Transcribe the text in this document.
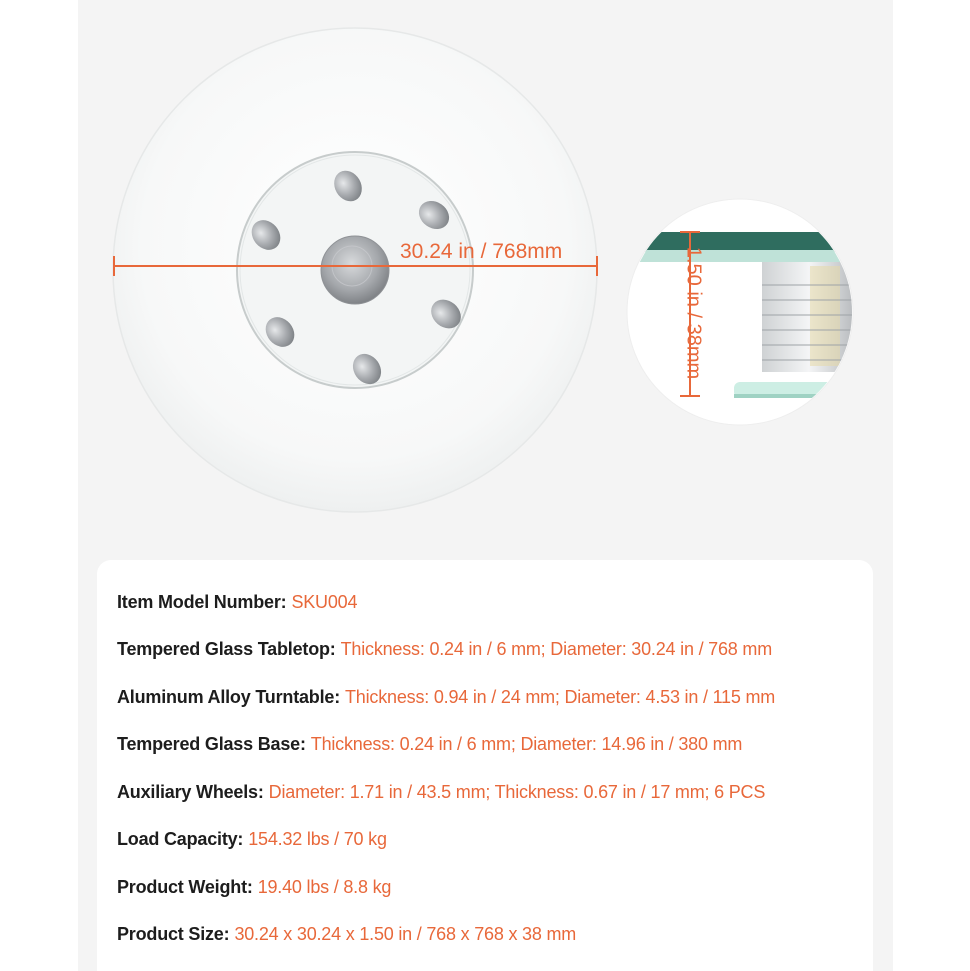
30.24 in / 768mm	1.50 in / 38mm
Item Model Number: SKU004
Tempered Glass Tabletop: Thickness: 0.24 in / 6 mm; Diameter: 30.24 in / 768 mm
Aluminum Alloy Turntable: Thickness: 0.94 in / 24 mm; Diameter: 4.53 in / 115 mm
Tempered Glass Base: Thickness: 0.24 in / 6 mm; Diameter: 14.96 in / 380 mm
Auxiliary Wheels: Diameter: 1.71 in / 43.5 mm; Thickness: 0.67 in / 17 mm; 6 PCS
Load Capacity: 154.32 lbs / 70 kg
Product Weight: 19.40 lbs / 8.8 kg
Product Size: 30.24 x 30.24 x 1.50 in / 768 x 768 x 38 mm
